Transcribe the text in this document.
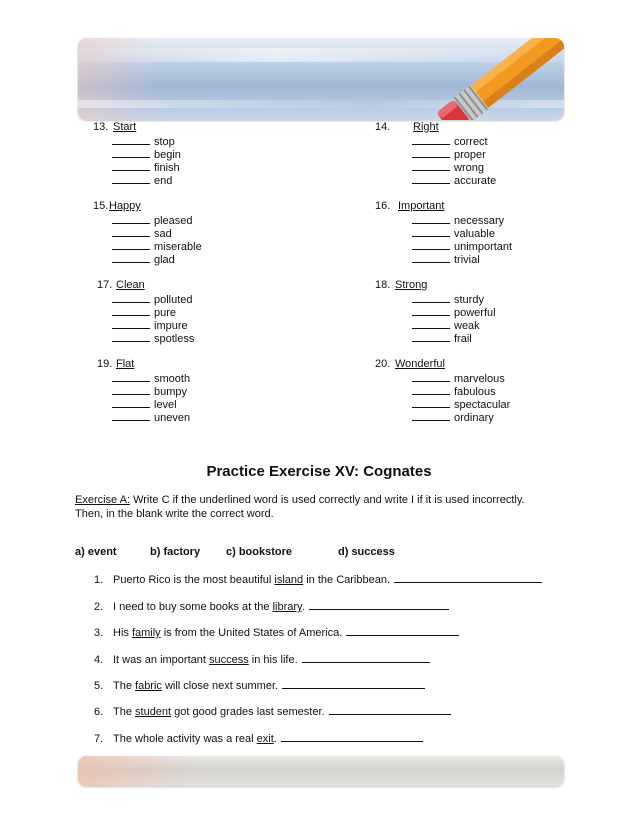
13. Start
stop
begin
finish
end
14. Right
correct
proper
wrong
accurate
15. Happy
pleased
sad
miserable
glad
16. Important
necessary
valuable
unimportant
trivial
17. Clean
polluted
pure
impure
spotless
18. Strong
sturdy
powerful
weak
frail
19. Flat
smooth
bumpy
level
uneven
20. Wonderful
marvelous
fabulous
spectacular
ordinary
Practice Exercise XV: Cognates
Exercise A: Write C if the underlined word is used correctly and write I if it is used incorrectly. Then, in the blank write the correct word.
a) event	b) factory c) bookstore	d) success
1. Puerto Rico is the most beautiful island in the Caribbean.
2. I need to buy some books at the library.
3. His family is from the United States of America.
4. It was an important success in his life.
5. The fabric will close next summer.
6. The student got good grades last semester.
7. The whole activity was a real exit.
